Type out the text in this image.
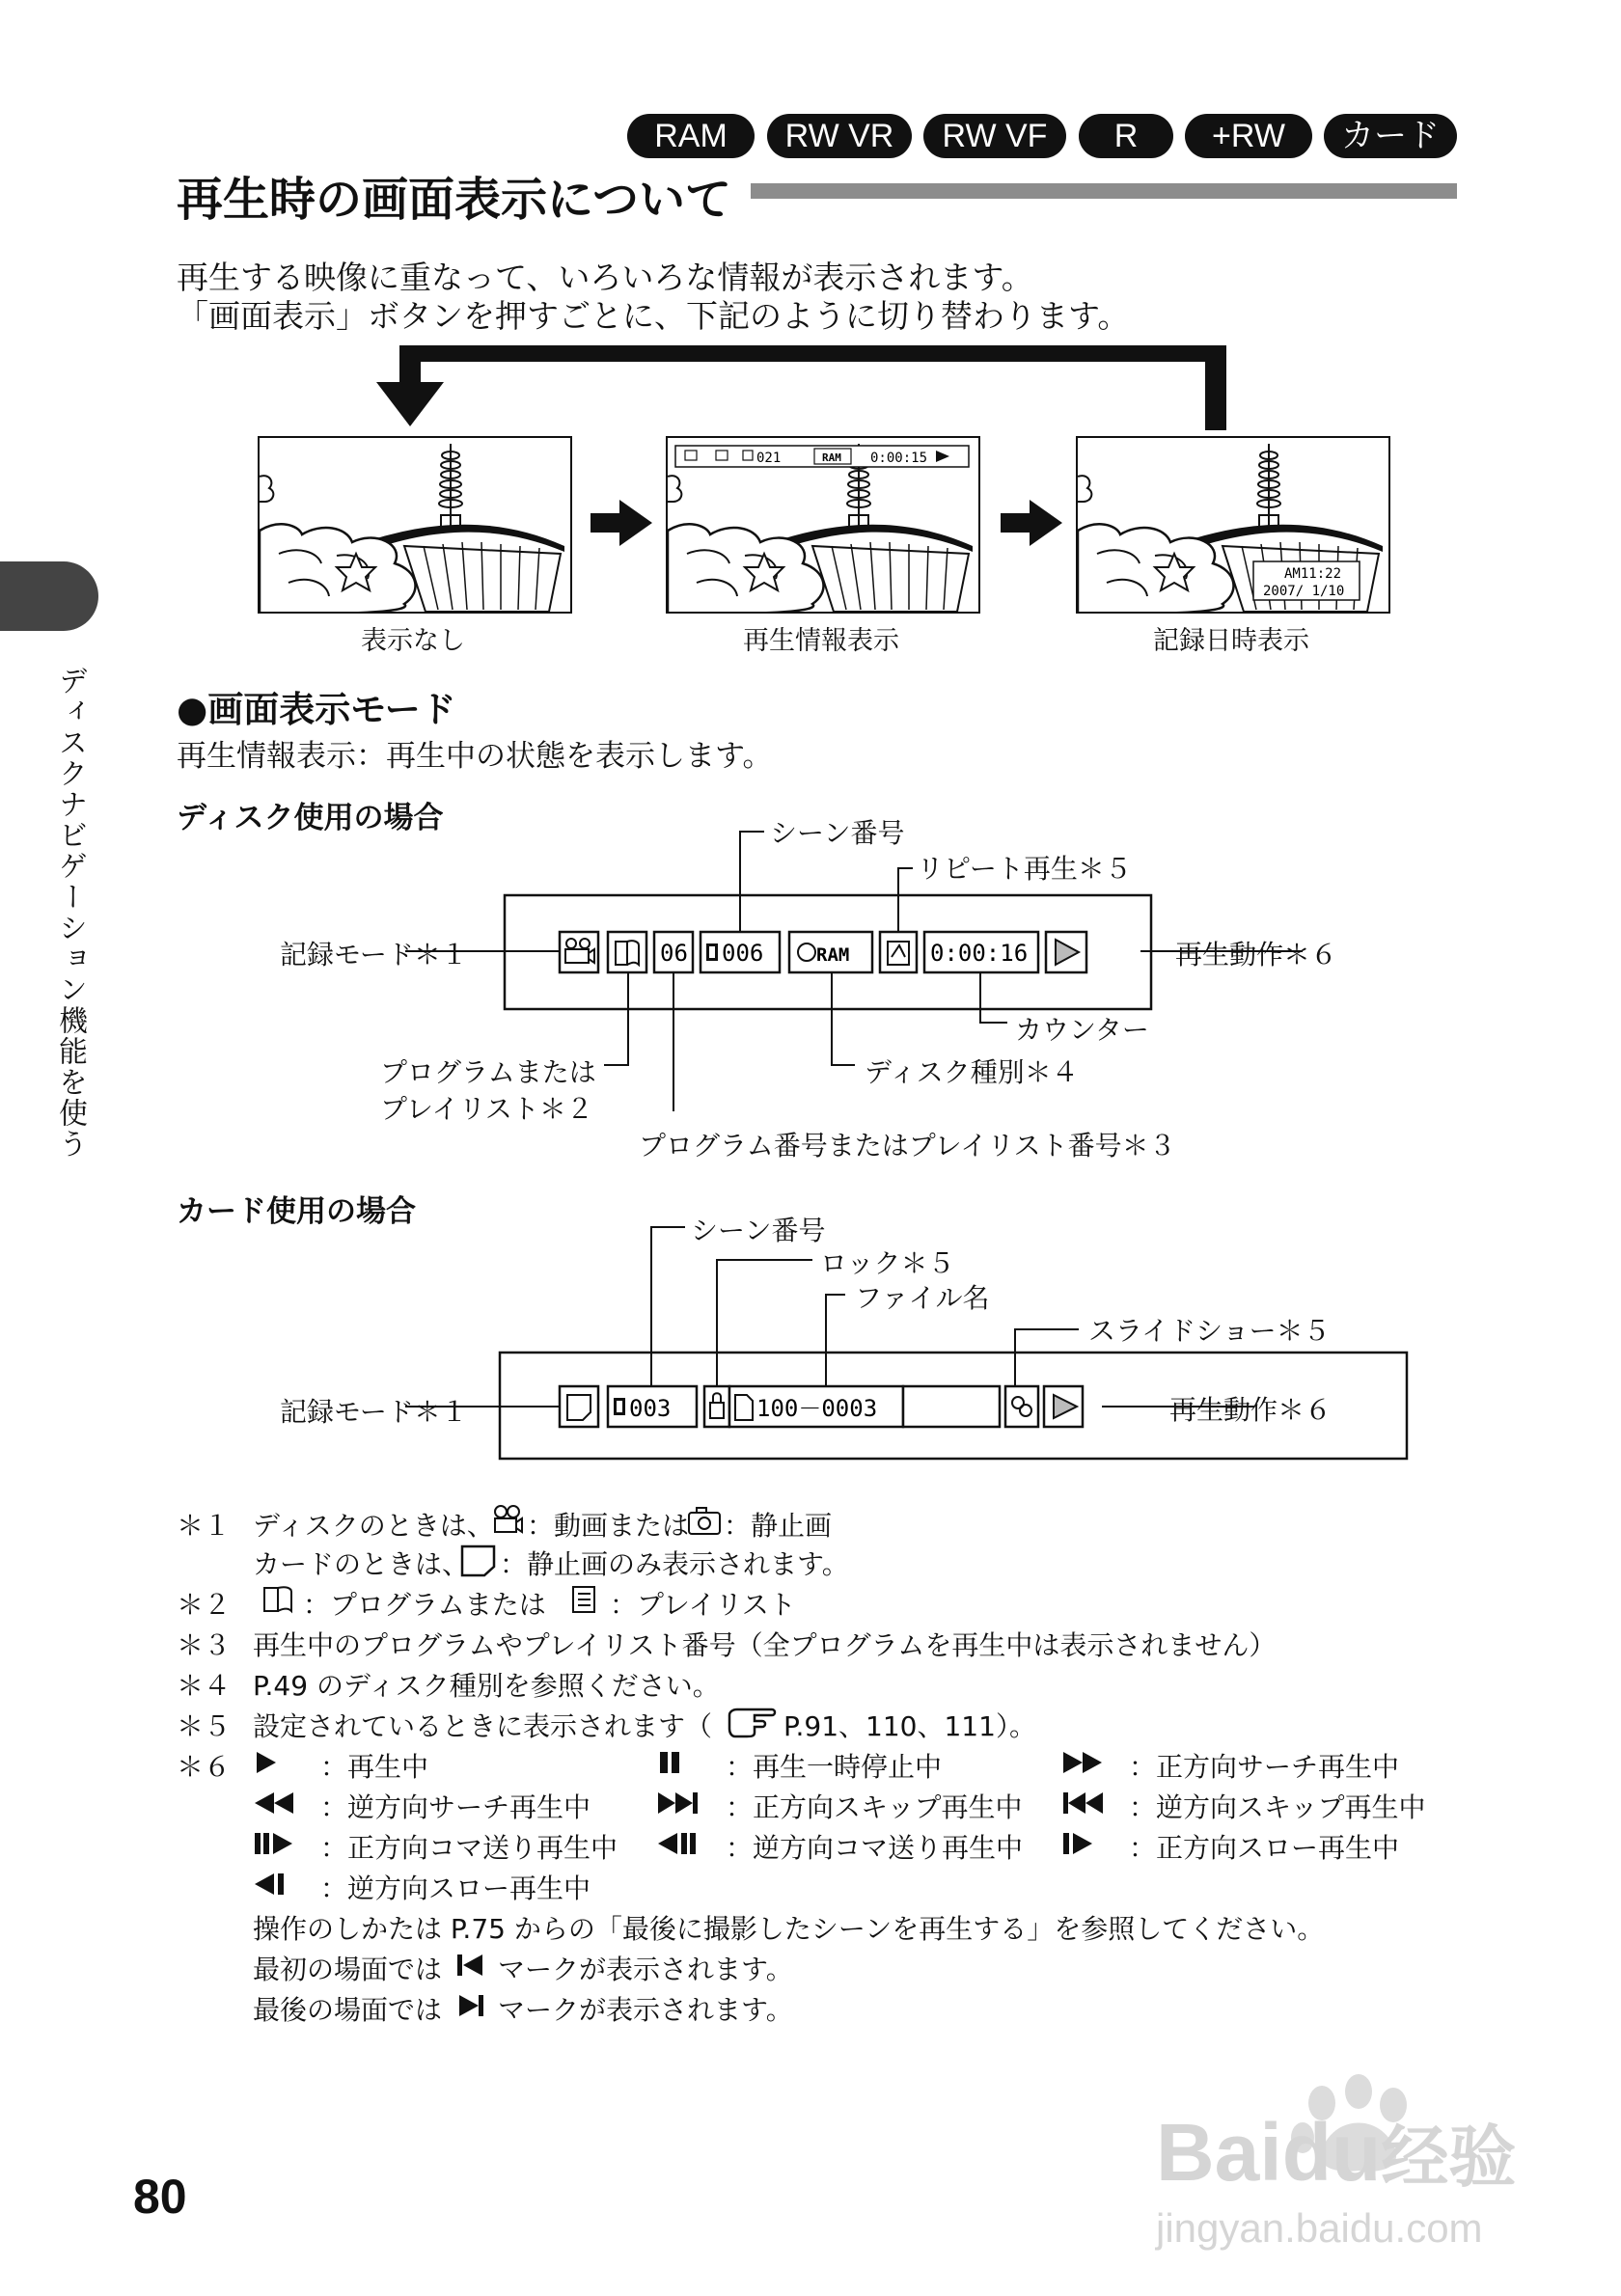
RAM	RW VR	RW VF	R	+RW	カード
再生時の画面表示について
再生する映像に重なって、いろいろな情報が表示されます。
「画面表示」ボタンを押すごとに、下記のように切り替わります。
021	RAM 0:00:15
AM11:22
2007/ 1/10
表示なし	再生情報表示	記録日時表示
●画面表示モード
再生情報表示：再生中の状態を表示します。
ディスク使用の場合
06 006	RAM	0:00:16
シーン番号
リピート再生＊５
記録モード＊１	再生動作＊６
カウンター
プログラムまたは
プレイリスト＊２
ディスク種別＊４
プログラム番号またはプレイリスト番号＊３
カード使用の場合
003	100－0003
シーン番号
ロック＊５
ファイル名
スライドショー＊５
記録モード＊１	再生動作＊６
＊１ ディスクのときは、 ：動画または ：静止画
カードのときは、 ：静止画のみ表示されます。
＊２	：プログラムまたは ：プレイリスト
＊３ 再生中のプログラムやプレイリスト番号（全プログラムを再生中は表示されません）
＊４ P.49 のディスク種別を参照ください。
＊５ 設定されているときに表示されます（	P.91、110、111）。
＊６	：再生中	：再生一時停止中	：正方向サーチ再生中
：逆方向サーチ再生中	：正方向スキップ再生中	：逆方向スキップ再生中
：正方向コマ送り再生中	：逆方向コマ送り再生中	：正方向スロー再生中
：逆方向スロー再生中
操作のしかたは P.75 からの「最後に撮影したシーンを再生する」を参照してください。
最初の場面では マークが表示されます。
最後の場面では マークが表示されます。
ディスクナビゲーション機能を使う
80	Baidu经验
jingyan.baidu.com
